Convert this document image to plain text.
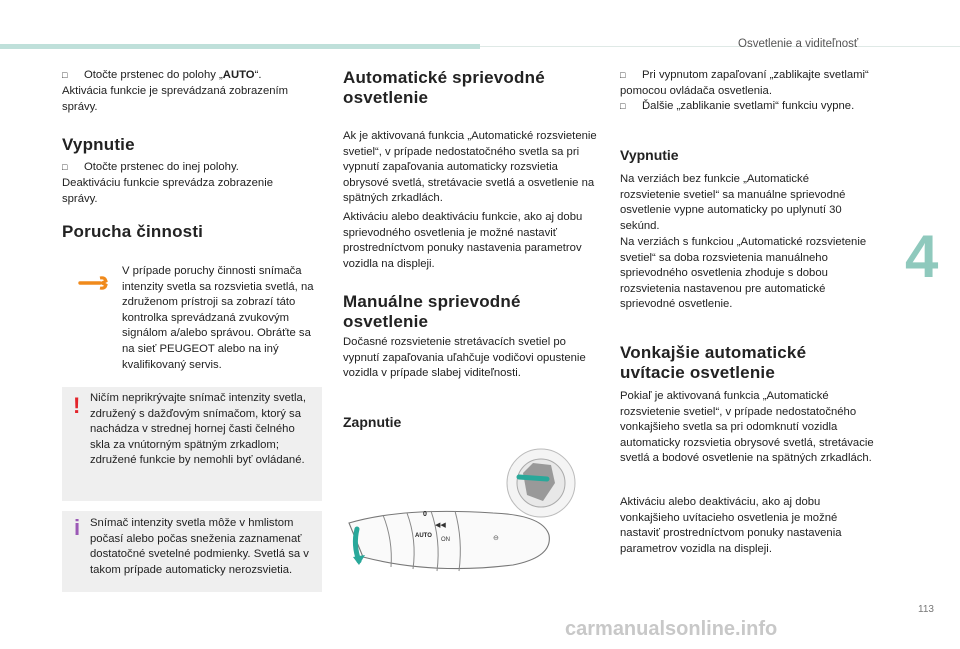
Osvetlenie a viditeľnosť
4
□ Otočte prstenec do polohy „AUTO“.
Aktivácia funkcie je sprevádzaná zobrazením správy.
Vypnutie
□ Otočte prstenec do inej polohy.
Deaktiváciu funkcie sprevádza zobrazenie správy.
Porucha činnosti
V prípade poruchy činnosti snímača intenzity svetla sa rozsvietia svetlá, na združenom prístroji sa zobrazí táto kontrolka sprevádzaná zvukovým signálom a/alebo správou. Obráťte sa na sieť PEUGEOT alebo na iný kvalifikovaný servis.
! Ničím neprikrývajte snímač intenzity svetla, združený s dažďovým snímačom, ktorý sa nachádza v strednej hornej časti čelného skla za vnútorným spätným zrkadlom; združené funkcie by nemohli byť ovládané.
i Snímač intenzity svetla môže v hmlistom počasí alebo počas sneženia zaznamenať dostatočné svetelné podmienky. Svetlá sa v takom prípade automaticky nerozsvietia.
Automatické sprievodné osvetlenie
Ak je aktivovaná funkcia „Automatické rozsvietenie svetiel“, v prípade nedostatočného svetla sa pri vypnutí zapaľovania automaticky rozsvietia obrysové svetlá, stretávacie svetlá a osvetlenie na spätných zrkadlách.
Aktiváciu alebo deaktiváciu funkcie, ako aj dobu sprievodného osvetlenia je možné nastaviť prostredníctvom ponuky nastavenia parametrov vozidla na displeji.
Manuálne sprievodné osvetlenie
Dočasné rozsvietenie stretávacích svetiel po vypnutí zapaľovania uľahčuje vodičovi opustenie vozidla v prípade slabej viditeľnosti.
Zapnutie
◀◀
ON	⊖
0
AUTO
□ Pri vypnutom zapaľovaní „zablikajte svetlami“ pomocou ovládača osvetlenia.
□ Ďalšie „zablikanie svetlami“ funkciu vypne.
Vypnutie
Na verziách bez funkcie „Automatické rozsvietenie svetiel“ sa manuálne sprievodné osvetlenie vypne automaticky po uplynutí 30 sekúnd.
Na verziách s funkciou „Automatické rozsvietenie svetiel“ sa doba rozsvietenia manuálneho sprievodného osvetlenia zhoduje s dobou rozsvietenia nastavenou pre automatické sprievodné osvetlenie.
Vonkajšie automatické uvítacie osvetlenie
Pokiaľ je aktivovaná funkcia „Automatické rozsvietenie svetiel“, v prípade nedostatočného vonkajšieho svetla sa pri odomknutí vozidla automaticky rozsvietia obrysové svetlá, stretávacie svetlá a bodové osvetlenie na spätných zrkadlách.
Aktiváciu alebo deaktiváciu, ako aj dobu vonkajšieho uvítacieho osvetlenia je možné nastaviť prostredníctvom ponuky nastavenia parametrov vozidla na displeji.
113
carmanualsonline.info
